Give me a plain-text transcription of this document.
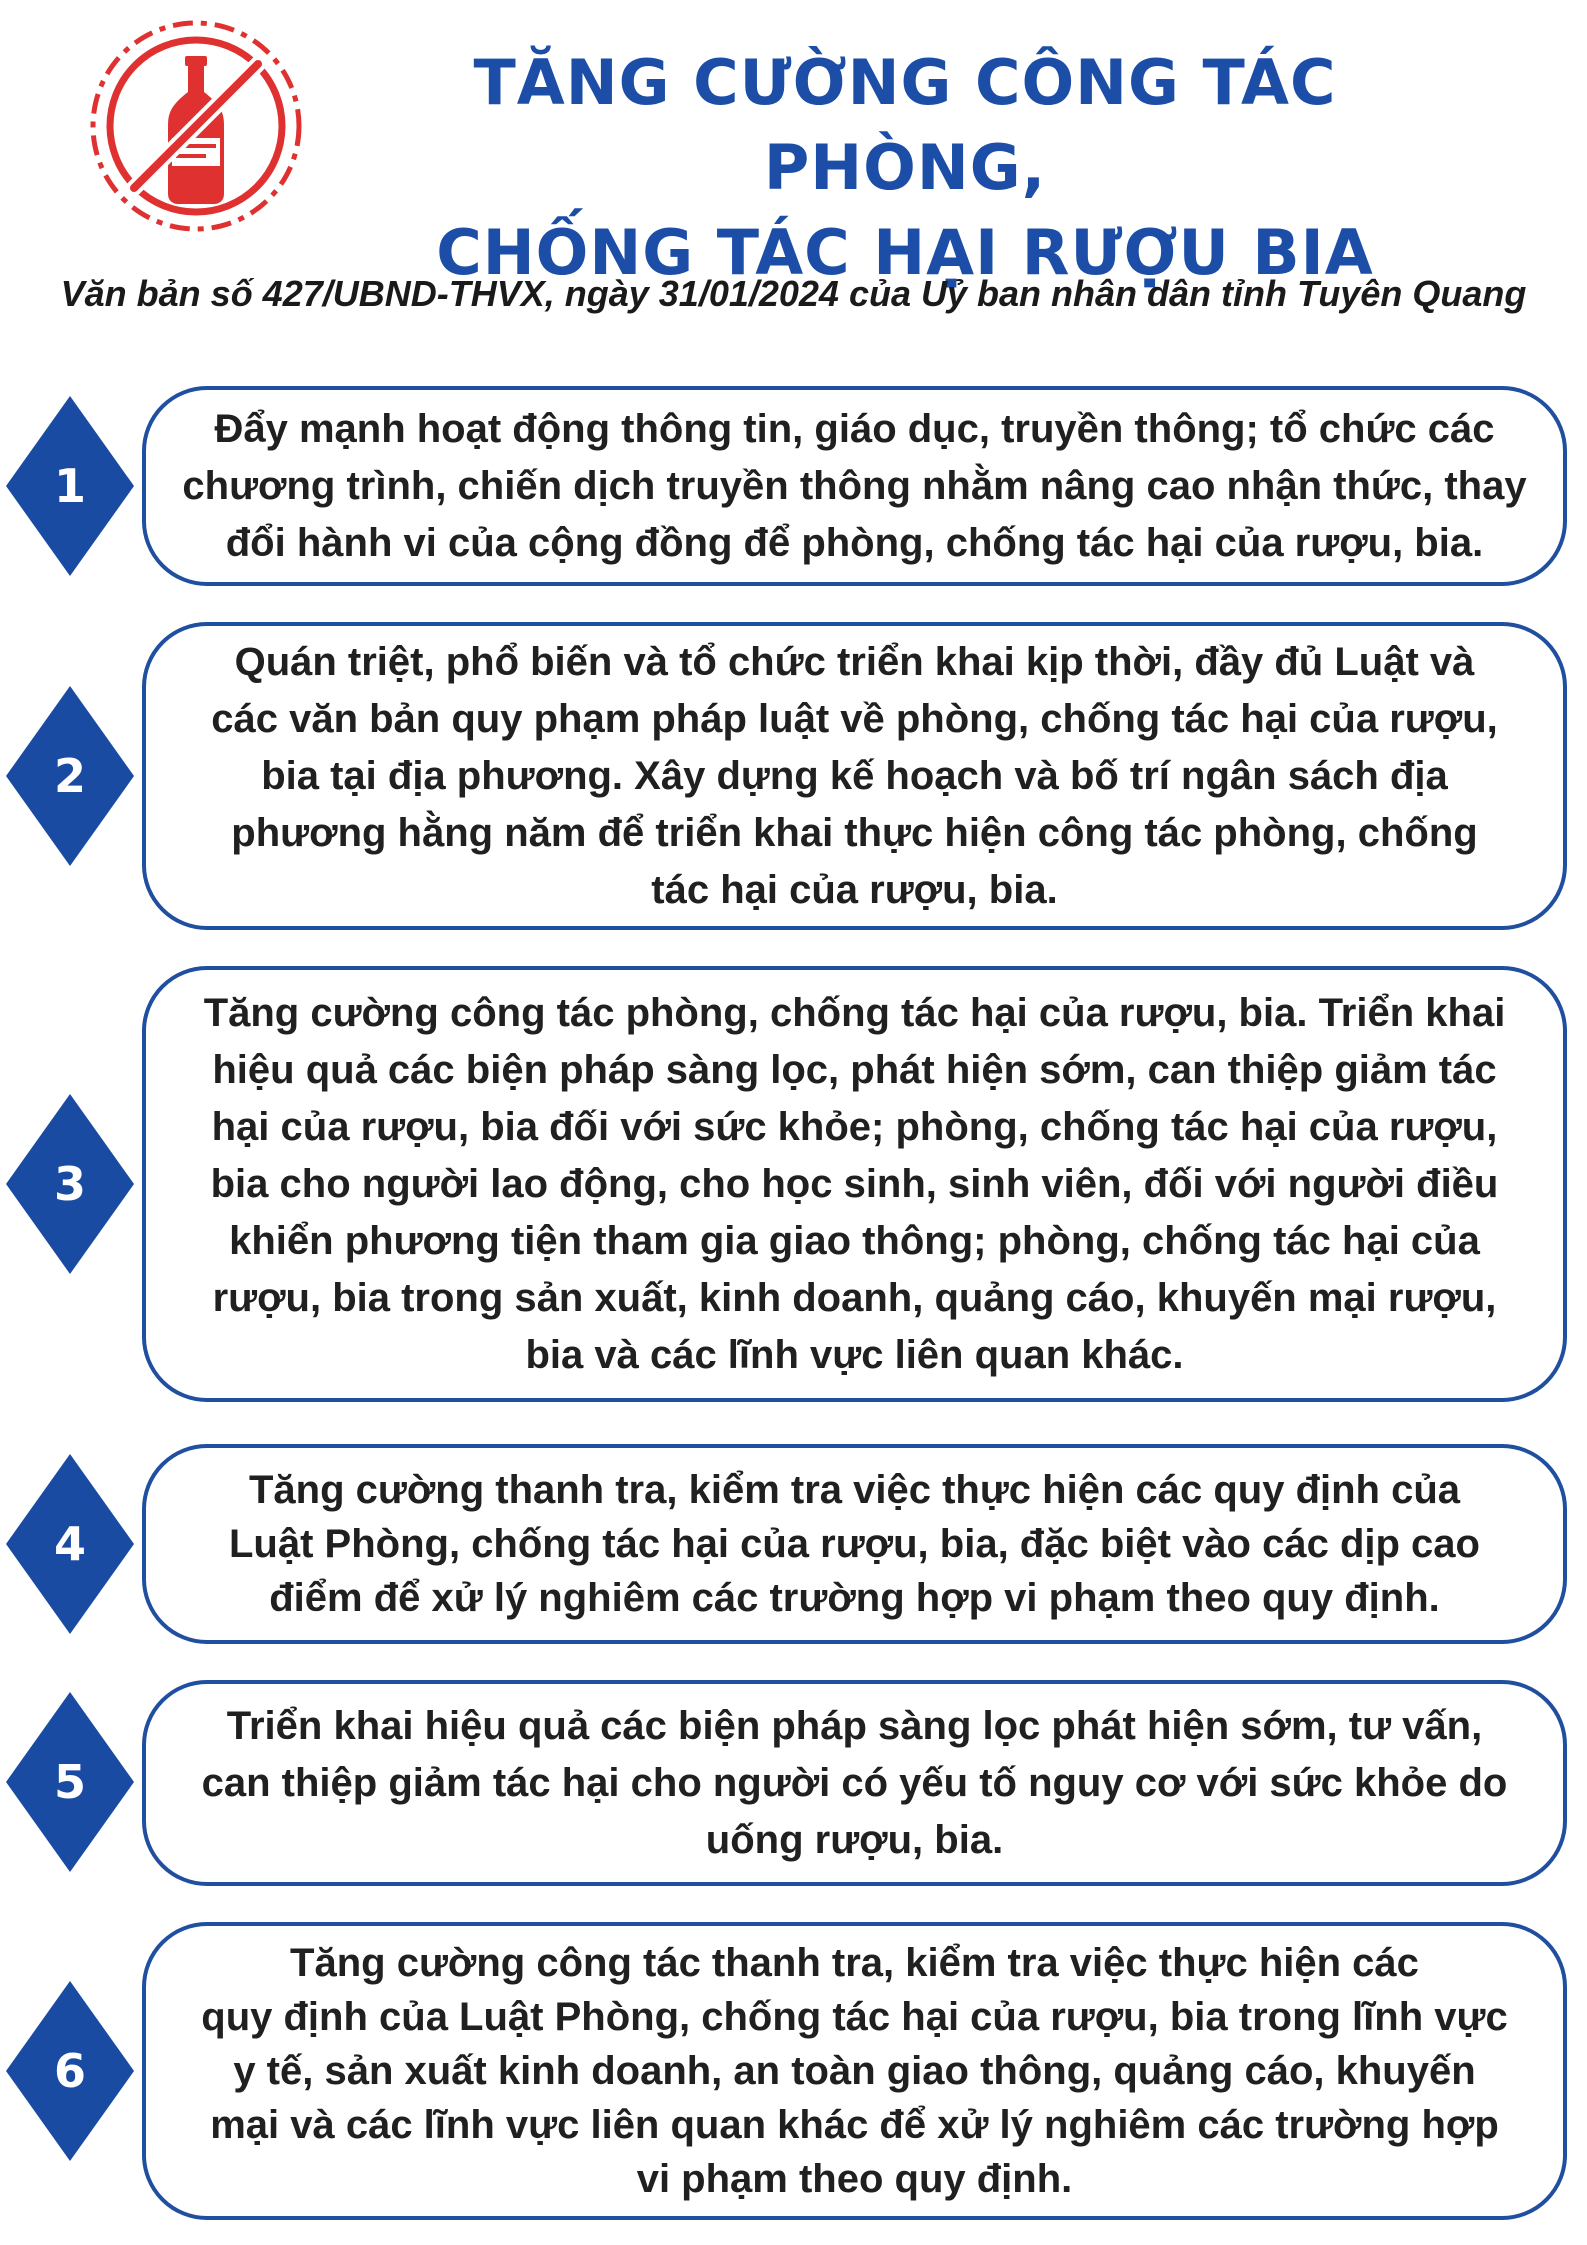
TĂNG CƯỜNG CÔNG TÁC PHÒNG,
CHỐNG TÁC HẠI RƯỢU BIA
Văn bản số 427/UBND-THVX, ngày 31/01/2024 của Uỷ ban nhân dân tỉnh Tuyên Quang
1
Đẩy mạnh hoạt động thông tin, giáo dục, truyền thông; tổ chức các
chương trình, chiến dịch truyền thông nhằm nâng cao nhận thức, thay
đổi hành vi của cộng đồng để phòng, chống tác hại của rượu, bia.
2
Quán triệt, phổ biến và tổ chức triển khai kịp thời, đầy đủ Luật và
các văn bản quy phạm pháp luật về phòng, chống tác hại của rượu,
bia tại địa phương. Xây dựng kế hoạch và bố trí ngân sách địa
phương hằng năm để triển khai thực hiện công tác phòng, chống
tác hại của rượu, bia.
3
Tăng cường công tác phòng, chống tác hại của rượu, bia. Triển khai
hiệu quả các biện pháp sàng lọc, phát hiện sớm, can thiệp giảm tác
hại của rượu, bia đối với sức khỏe; phòng, chống tác hại của rượu,
bia cho người lao động, cho học sinh, sinh viên, đối với người điều
khiển phương tiện tham gia giao thông; phòng, chống tác hại của
rượu, bia trong sản xuất, kinh doanh, quảng cáo, khuyến mại rượu,
bia và các lĩnh vực liên quan khác.
4
Tăng cường thanh tra, kiểm tra việc thực hiện các quy định của
Luật Phòng, chống tác hại của rượu, bia, đặc biệt vào các dịp cao
điểm để xử lý nghiêm các trường hợp vi phạm theo quy định.
5
Triển khai hiệu quả các biện pháp sàng lọc phát hiện sớm, tư vấn,
can thiệp giảm tác hại cho người có yếu tố nguy cơ với sức khỏe do
uống rượu, bia.
6
Tăng cường công tác thanh tra, kiểm tra việc thực hiện các
quy định của Luật Phòng, chống tác hại của rượu, bia trong lĩnh vực
y tế, sản xuất kinh doanh, an toàn giao thông, quảng cáo, khuyến
mại và các lĩnh vực liên quan khác để xử lý nghiêm các trường hợp
vi phạm theo quy định.
